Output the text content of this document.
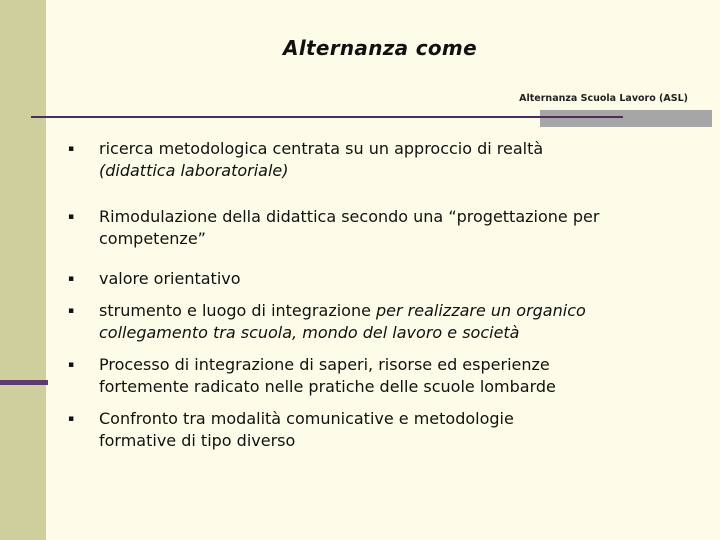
Alternanza come
Alternanza Scuola Lavoro (ASL)
▪ ricerca metodologica centrata su un approccio di realtà
(didattica laboratoriale)
▪ Rimodulazione della didattica secondo una “progettazione per
competenze”
▪ valore orientativo
▪ strumento e luogo di integrazione per realizzare un organico
collegamento tra scuola, mondo del lavoro e società
▪ Processo di integrazione di saperi, risorse ed esperienze
fortemente radicato nelle pratiche delle scuole lombarde
▪ Confronto tra modalità comunicative e metodologie
formative di tipo diverso
